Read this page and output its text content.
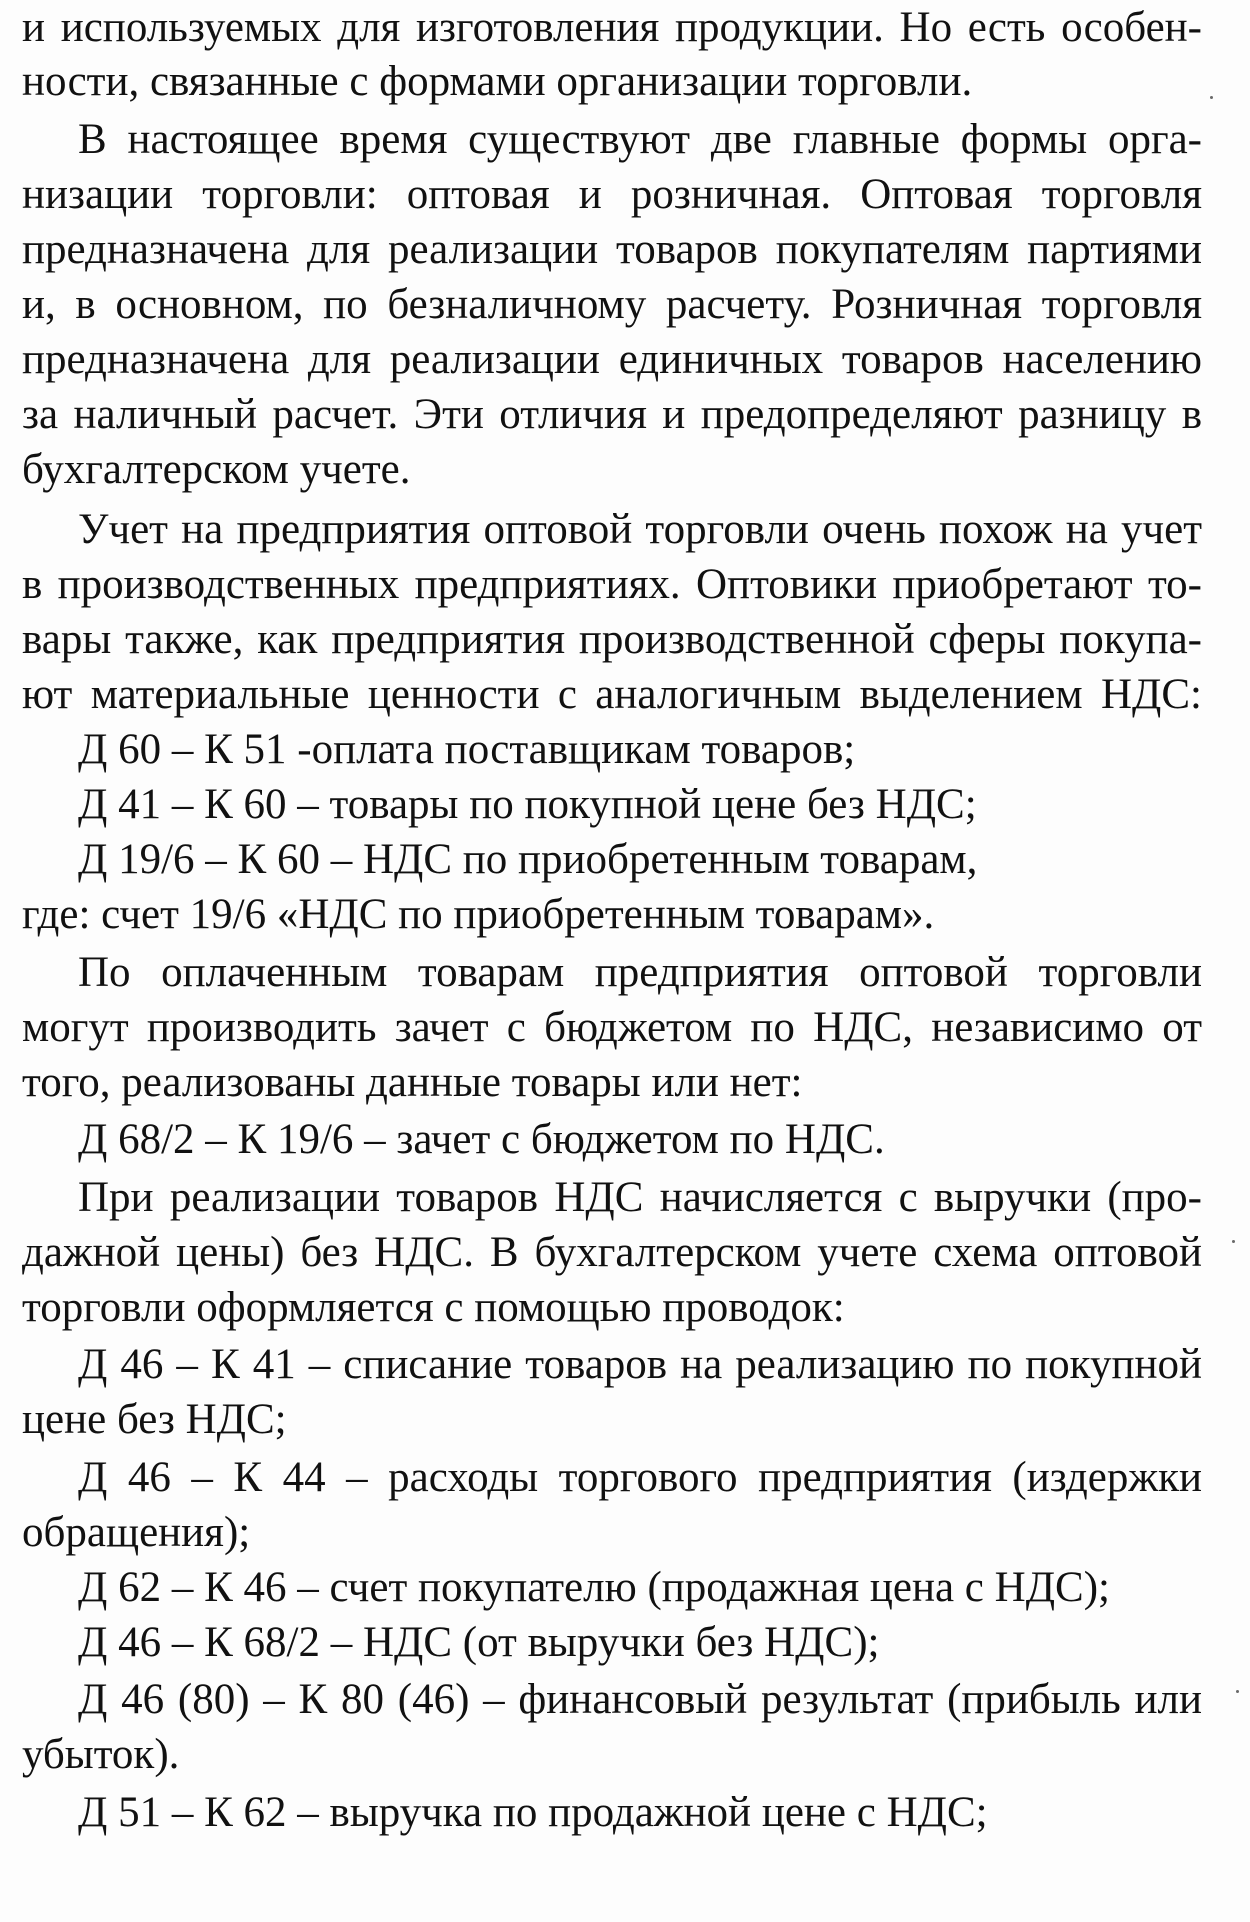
и используемых для изготовления продукции. Но есть особен-
ности, связанные с формами организации торговли.
В настоящее время существуют две главные формы орга-
низации торговли: оптовая и розничная. Оптовая торговля
предназначена для реализации товаров покупателям партиями
и, в основном, по безналичному расчету. Розничная торговля
предназначена для реализации единичных товаров населению
за наличный расчет. Эти отличия и предопределяют разницу в
бухгалтерском учете.
Учет на предприятия оптовой торговли очень похож на учет
в производственных предприятиях. Оптовики приобретают то-
вары также, как предприятия производственной сферы покупа-
ют материальные ценности с аналогичным выделением НДС:
Д 60 – К 51 -оплата поставщикам товаров;
Д 41 – К 60 – товары по покупной цене без НДС;
Д 19/6 – К 60 – НДС по приобретенным товарам,
где: счет 19/6 «НДС по приобретенным товарам».
По оплаченным товарам предприятия оптовой торговли
могут производить зачет с бюджетом по НДС, независимо от
того, реализованы данные товары или нет:
Д 68/2 – К 19/6 – зачет с бюджетом по НДС.
При реализации товаров НДС начисляется с выручки (про-
дажной цены) без НДС. В бухгалтерском учете схема оптовой
торговли оформляется с помощью проводок:
Д 46 – К 41 – списание товаров на реализацию по покупной
цене без НДС;
Д 46 – К 44 – расходы торгового предприятия (издержки
обращения);
Д 62 – К 46 – счет покупателю (продажная цена с НДС);
Д 46 – К 68/2 – НДС (от выручки без НДС);
Д 46 (80) – К 80 (46) – финансовый результат (прибыль или
убыток).
Д 51 – К 62 – выручка по продажной цене с НДС;
